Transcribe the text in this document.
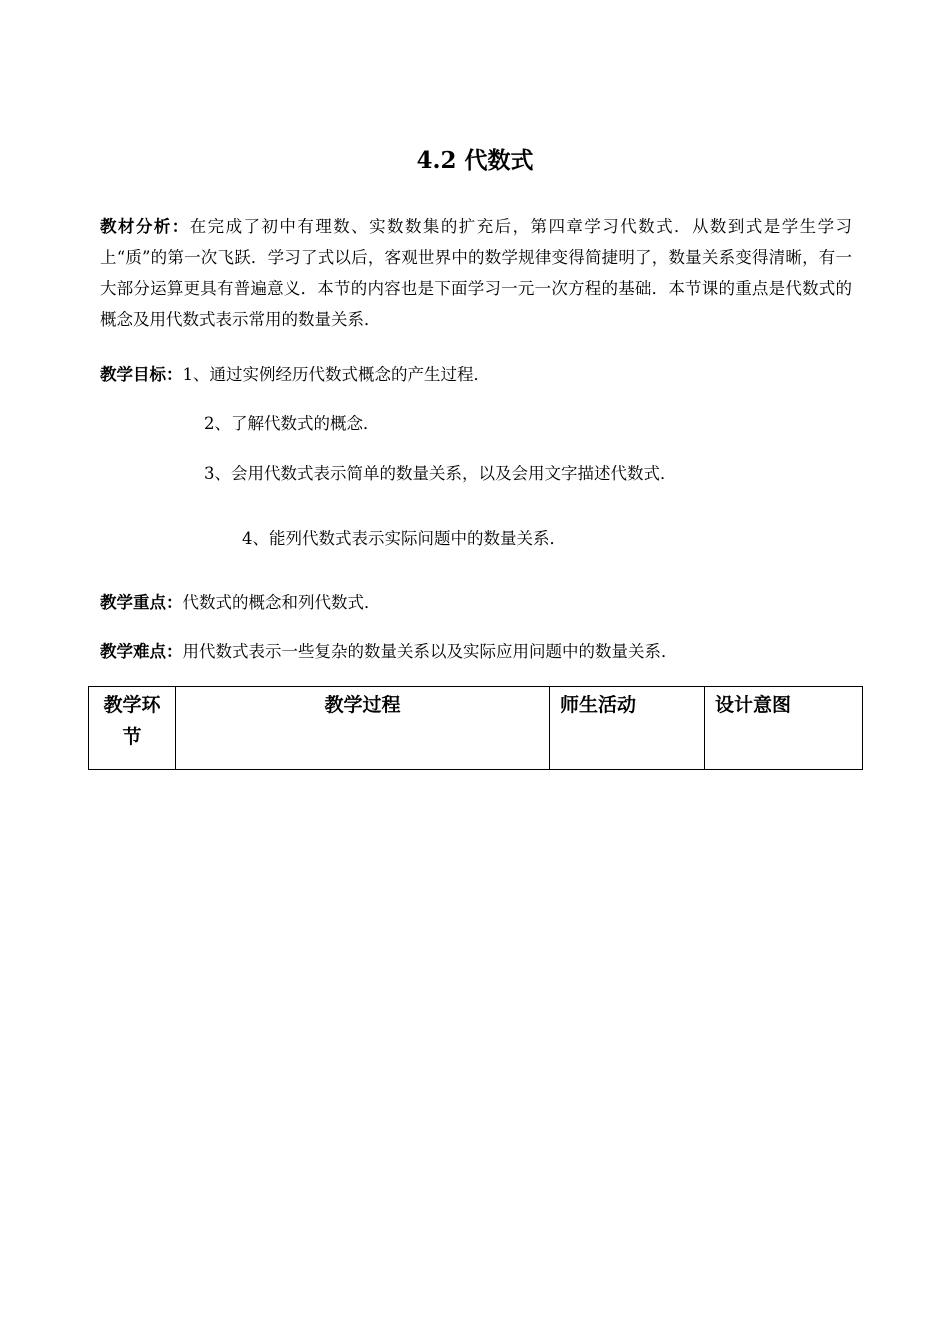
4.2 代数式
教材分析：在完成了初中有理数、实数数集的扩充后，第四章学习代数式．从数到式是学生学习上“质”的第一次飞跃．学习了式以后，客观世界中的数学规律变得简捷明了，数量关系变得清晰，有一大部分运算更具有普遍意义．本节的内容也是下面学习一元一次方程的基础．本节课的重点是代数式的概念及用代数式表示常用的数量关系．
教学目标：1、通过实例经历代数式概念的产生过程．
2、了解代数式的概念．
3、会用代数式表示简单的数量关系，以及会用文字描述代数式．
4、能列代数式表示实际问题中的数量关系．
教学重点：代数式的概念和列代数式．
教学难点：用代数式表示一些复杂的数量关系以及实际应用问题中的数量关系．
教学环节	教学过程	师生活动	设计意图
